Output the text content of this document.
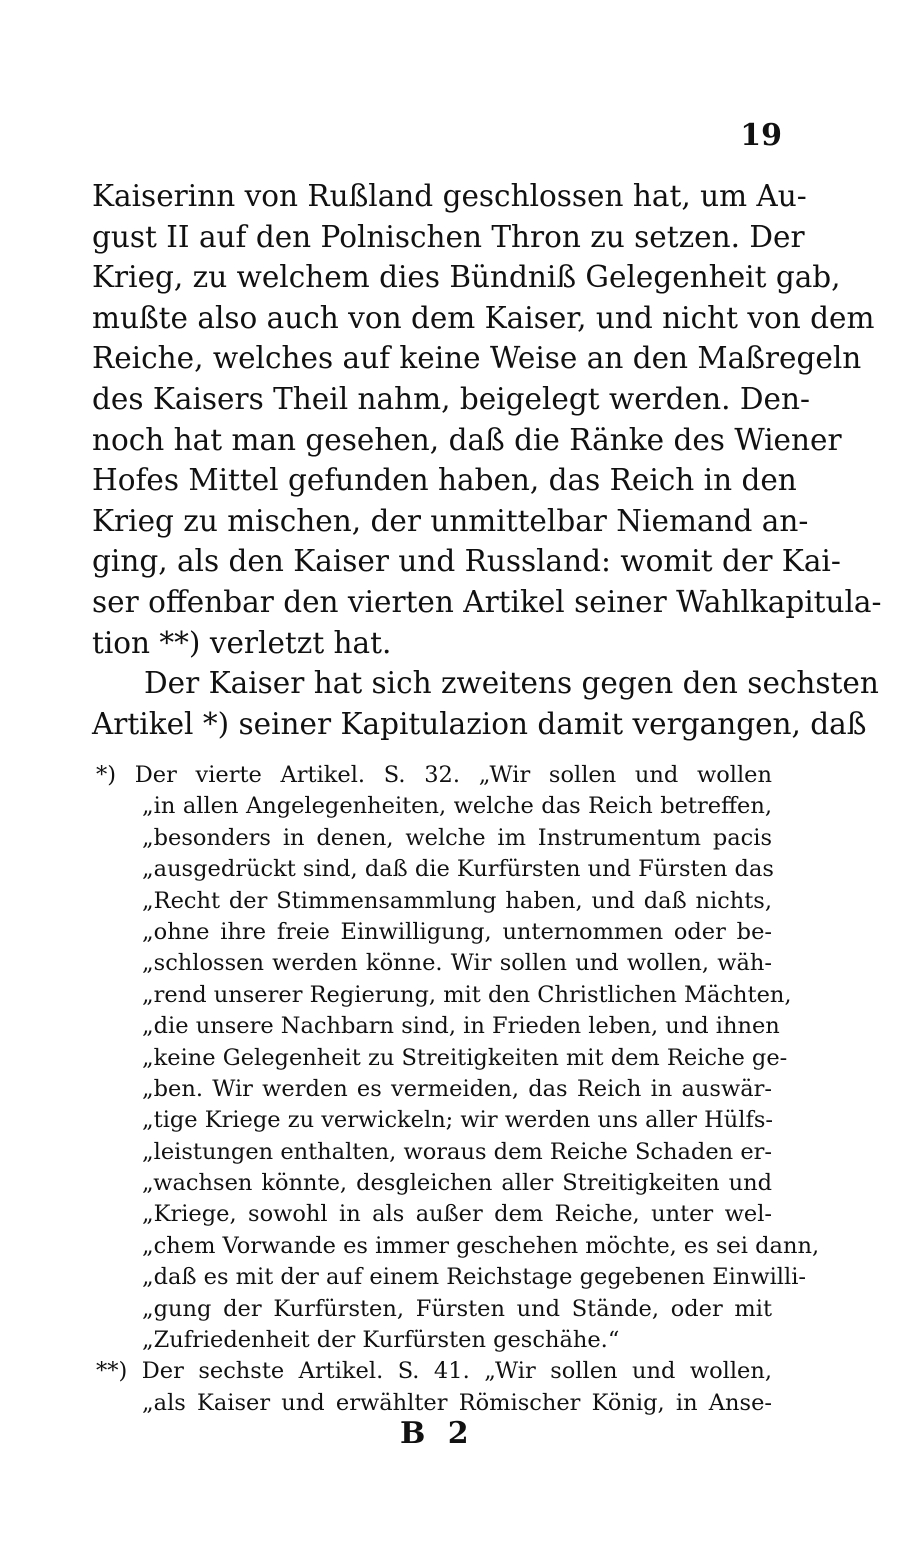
19
Kaiserinn von Rußland geschlossen hat, um Au-
gust II auf den Polnischen Thron zu setzen. Der
Krieg, zu welchem dies Bündniß Gelegenheit gab,
mußte also auch von dem Kaiser, und nicht von dem
Reiche, welches auf keine Weise an den Maßregeln
des Kaisers Theil nahm, beigelegt werden. Den-
noch hat man gesehen, daß die Ränke des Wiener
Hofes Mittel gefunden haben, das Reich in den
Krieg zu mischen, der unmittelbar Niemand an-
ging, als den Kaiser und Russland: womit der Kai-
ser offenbar den vierten Artikel seiner Wahlkapitula-
tion **) verletzt hat.
Der Kaiser hat sich zweitens gegen den sechsten
Artikel *) seiner Kapitulazion damit vergangen, daß
*) Der vierte Artikel. S. 32. „Wir sollen und wollen
„in allen Angelegenheiten, welche das Reich betreffen,
„besonders in denen, welche im Instrumentum pacis
„ausgedrückt sind, daß die Kurfürsten und Fürsten das
„Recht der Stimmensammlung haben, und daß nichts,
„ohne ihre freie Einwilligung, unternommen oder be-
„schlossen werden könne. Wir sollen und wollen, wäh-
„rend unserer Regierung, mit den Christlichen Mächten,
„die unsere Nachbarn sind, in Frieden leben, und ihnen
„keine Gelegenheit zu Streitigkeiten mit dem Reiche ge-
„ben. Wir werden es vermeiden, das Reich in auswär-
„tige Kriege zu verwickeln; wir werden uns aller Hülfs-
„leistungen enthalten, woraus dem Reiche Schaden er-
„wachsen könnte, desgleichen aller Streitigkeiten und
„Kriege, sowohl in als außer dem Reiche, unter wel-
„chem Vorwande es immer geschehen möchte, es sei dann,
„daß es mit der auf einem Reichstage gegebenen Einwilli-
„gung der Kurfürsten, Fürsten und Stände, oder mit
„Zufriedenheit der Kurfürsten geschähe.“
**) Der sechste Artikel. S. 41. „Wir sollen und wollen,
„als Kaiser und erwählter Römischer König, in Anse-
B 2
